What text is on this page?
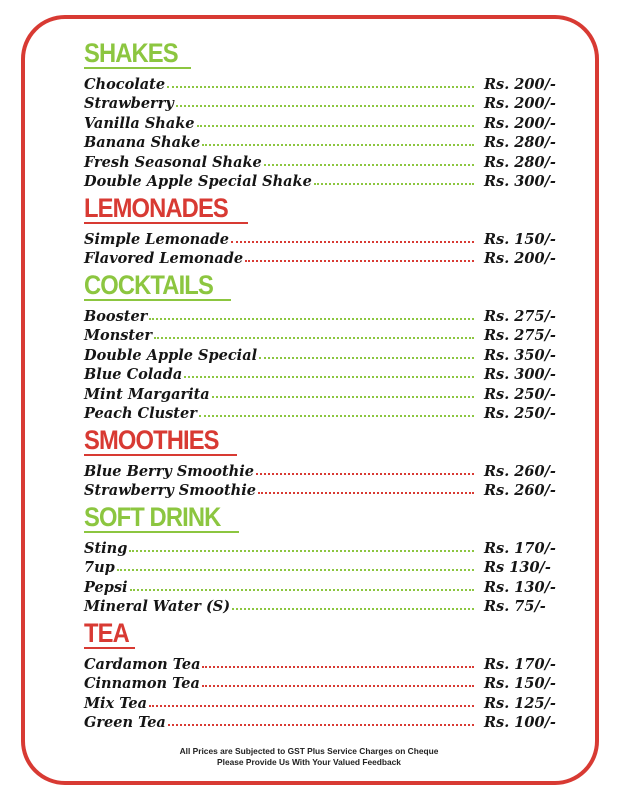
SHAKES
Chocolate	Rs. 200/-
Strawberry	Rs. 200/-
Vanilla Shake	Rs. 200/-
Banana Shake	Rs. 280/-
Fresh Seasonal Shake	Rs. 280/-
Double Apple Special Shake	Rs. 300/-
LEMONADES
Simple Lemonade	Rs. 150/-
Flavored Lemonade	Rs. 200/-
COCKTAILS
Booster	Rs. 275/-
Monster	Rs. 275/-
Double Apple Special	Rs. 350/-
Blue Colada	Rs. 300/-
Mint Margarita	Rs. 250/-
Peach Cluster	Rs. 250/-
SMOOTHIES
Blue Berry Smoothie	Rs. 260/-
Strawberry Smoothie	Rs. 260/-
SOFT DRINK
Sting	Rs. 170/-
7up	Rs 130/-
Pepsi	Rs. 130/-
Mineral Water (S)	Rs. 75/-
TEA
Cardamon Tea	Rs. 170/-
Cinnamon Tea	Rs. 150/-
Mix Tea	Rs. 125/-
Green Tea	Rs. 100/-
All Prices are Subjected to GST Plus Service Charges on Cheque
Please Provide Us With Your Valued Feedback
